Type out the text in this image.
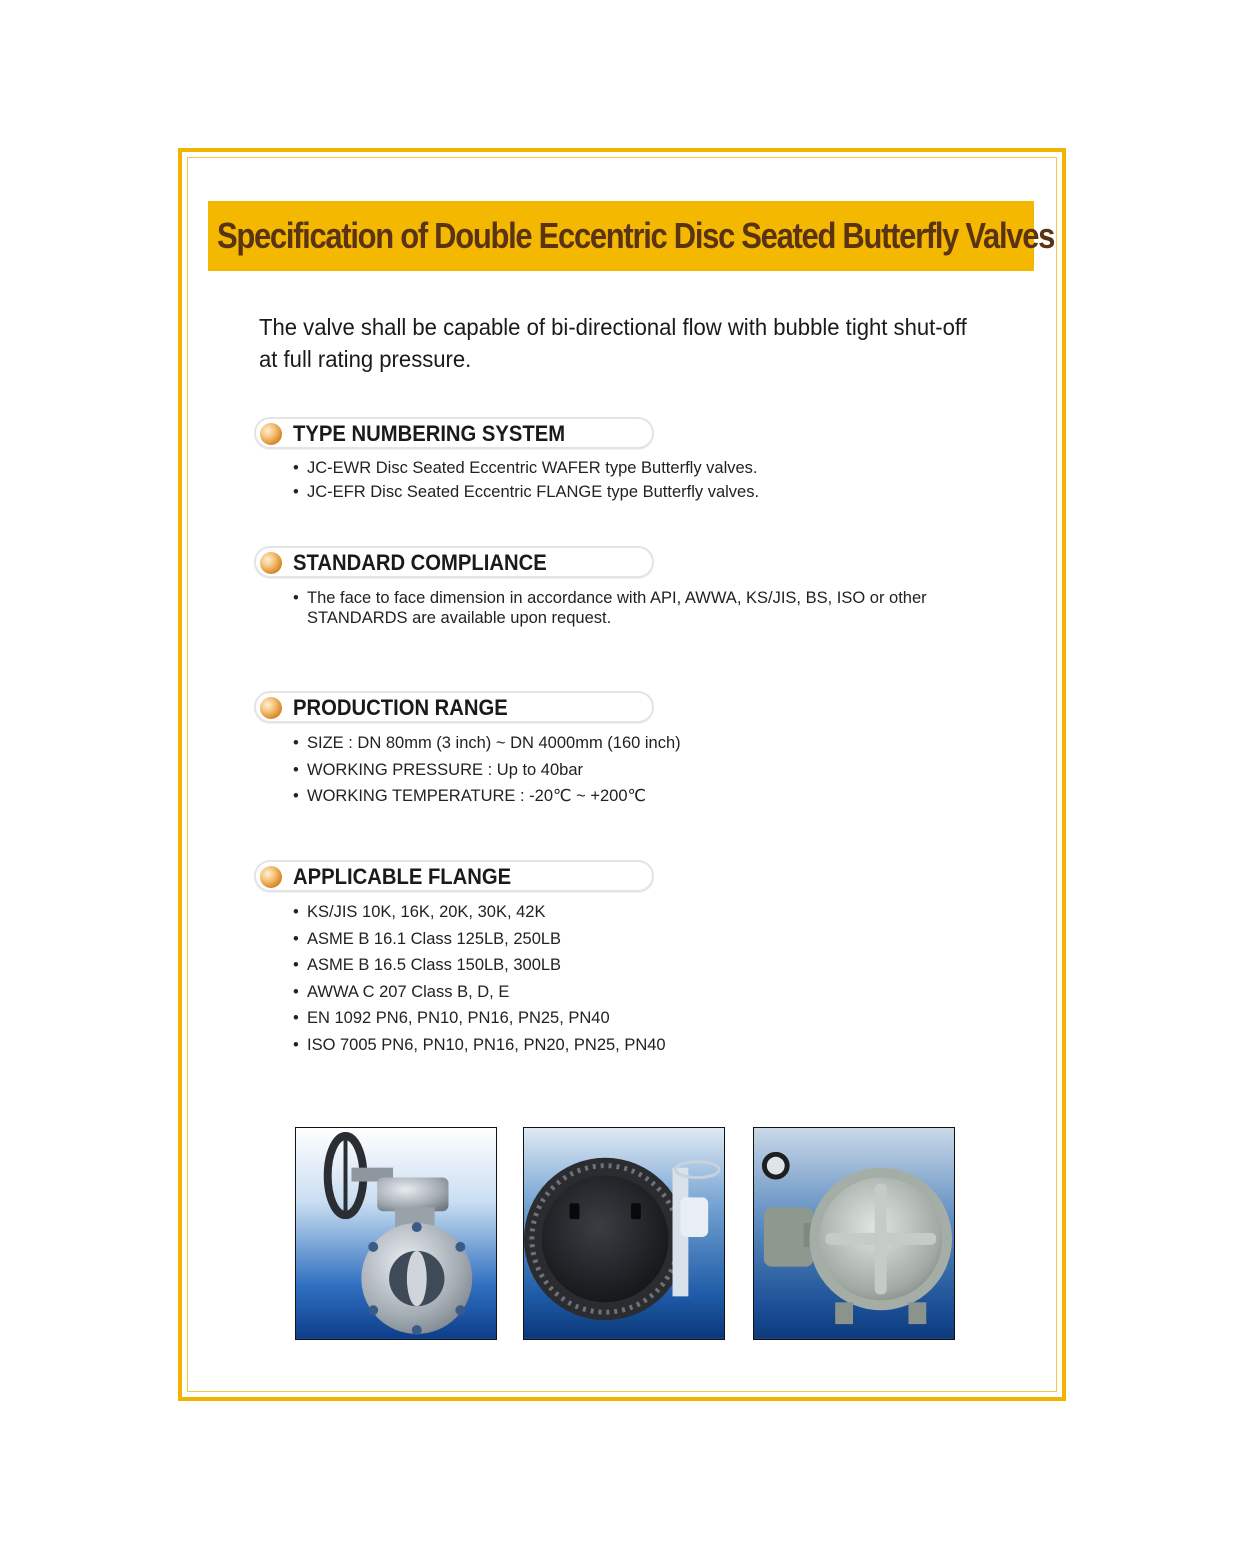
Specification of Double Eccentric Disc Seated Butterfly Valves
The valve shall be capable of bi-directional flow with bubble tight shut-off at full rating pressure.
TYPE NUMBERING SYSTEM
• JC-EWR Disc Seated Eccentric WAFER type Butterfly valves.
• JC-EFR Disc Seated Eccentric FLANGE type Butterfly valves.
STANDARD COMPLIANCE
• The face to face dimension in accordance with API, AWWA, KS/JIS, BS, ISO or other STANDARDS are available upon request.
PRODUCTION RANGE
• SIZE : DN 80mm (3 inch) ~ DN 4000mm (160 inch)
• WORKING PRESSURE : Up to 40bar
• WORKING TEMPERATURE : -20℃ ~ +200℃
APPLICABLE FLANGE
• KS/JIS 10K, 16K, 20K, 30K, 42K
• ASME B 16.1 Class 125LB, 250LB
• ASME B 16.5 Class 150LB, 300LB
• AWWA C 207 Class B, D, E
• EN 1092 PN6, PN10, PN16, PN25, PN40
• ISO 7005 PN6, PN10, PN16, PN20, PN25, PN40
